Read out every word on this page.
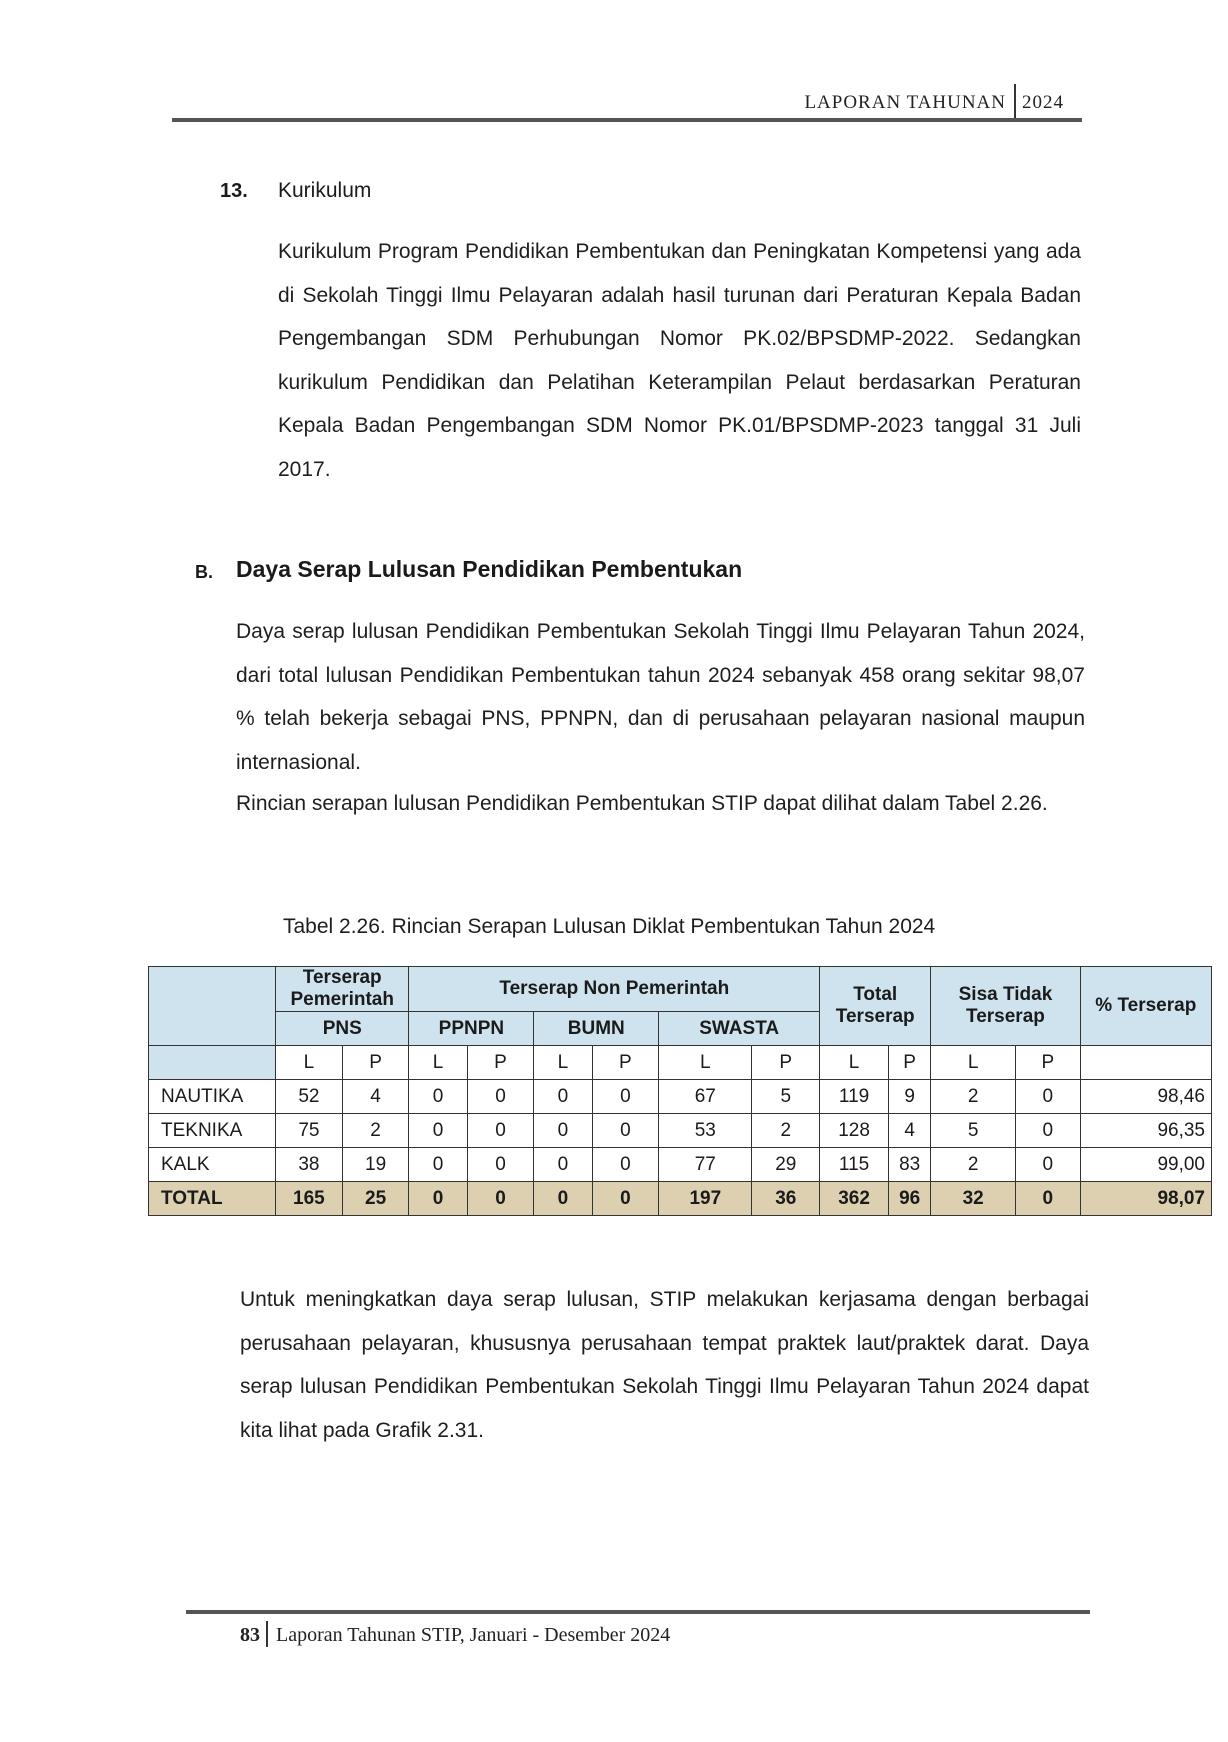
LAPORAN TAHUNAN 2024
13. Kurikulum
Kurikulum Program Pendidikan Pembentukan dan Peningkatan Kompetensi yang ada di Sekolah Tinggi Ilmu Pelayaran adalah hasil turunan dari Peraturan Kepala Badan Pengembangan SDM Perhubungan Nomor PK.02/BPSDMP-2022. Sedangkan kurikulum Pendidikan dan Pelatihan Keterampilan Pelaut berdasarkan Peraturan Kepala Badan Pengembangan SDM Nomor PK.01/BPSDMP-2023 tanggal 31 Juli 2017.
B. Daya Serap Lulusan Pendidikan Pembentukan
Daya serap lulusan Pendidikan Pembentukan Sekolah Tinggi Ilmu Pelayaran Tahun 2024, dari total lulusan Pendidikan Pembentukan tahun 2024 sebanyak 458 orang sekitar 98,07 % telah bekerja sebagai PNS, PPNPN, dan di perusahaan pelayaran nasional maupun internasional.
Rincian serapan lulusan Pendidikan Pembentukan STIP dapat dilihat dalam Tabel 2.26.
Tabel 2.26. Rincian Serapan Lulusan Diklat Pembentukan Tahun 2024
	Terserap Pemerintah		Terserap Non Pemerintah						Total Terserap		Sisa Tidak Terserap		% Terserap
	PNS		PPNPN		BUMN		SWASTA						
	L	P	L	P	L	P	L	P	L	P	L	P	
NAUTIKA	52	4	0	0	0	0	67	5	119	9	2	0	98,46
TEKNIKA	75	2	0	0	0	0	53	2	128	4	5	0	96,35
KALK	38	19	0	0	0	0	77	29	115	83	2	0	99,00
TOTAL	165	25	0	0	0	0	197	36	362	96	32	0	98,07
Untuk meningkatkan daya serap lulusan, STIP melakukan kerjasama dengan berbagai perusahaan pelayaran, khususnya perusahaan tempat praktek laut/praktek darat. Daya serap lulusan Pendidikan Pembentukan Sekolah Tinggi Ilmu Pelayaran Tahun 2024 dapat kita lihat pada Grafik 2.31.
83 Laporan Tahunan STIP, Januari - Desember 2024
